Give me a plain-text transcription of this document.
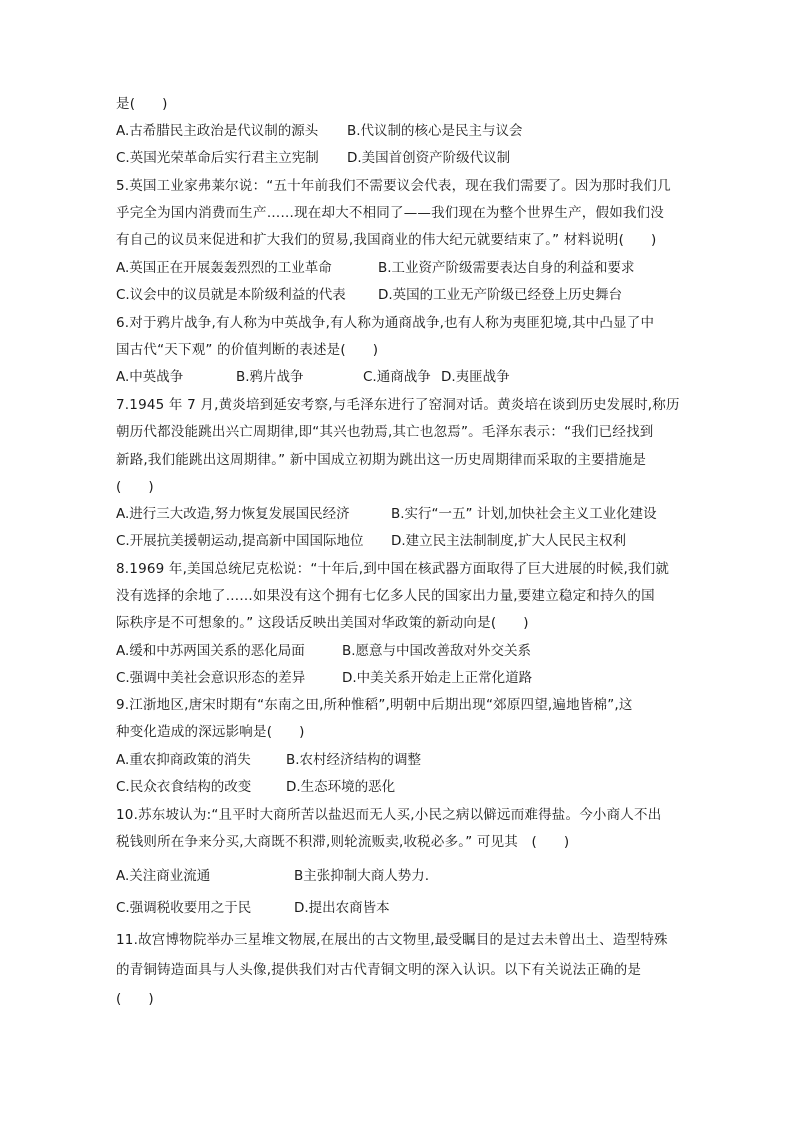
是(      )

A.古希腊民主政治是代议制的源头

B.代议制的核心是民主与议会

C.英国光荣革命后实行君主立宪制

D.美国首创资产阶级代议制

5.英国工业家弗莱尔说：“五十年前我们不需要议会代表，现在我们需要了。因为那时我们几
乎完全为国内消费而生产……现在却大不相同了——我们现在为整个世界生产，假如我们没
有自己的议员来促进和扩大我们的贸易,我国商业的伟大纪元就要结束了。” 材料说明(      )

A.英国正在开展轰轰烈烈的工业革命

	B.工业资产阶级需要表达自身的利益和要求

C.议会中的议员就是本阶级利益的代表

D.英国的工业无产阶级已经登上历史舞台

6.对于鸦片战争,有人称为中英战争,有人称为通商战争,也有人称为夷匪犯境,其中凸显了中
国古代“天下观” 的价值判断的表述是(      )

A.中英战争

	B.鸦片战争

	C.通商战争

D.夷匪战争

7.1945 年 7 月,黄炎培到延安考察,与毛泽东进行了窑洞对话。黄炎培在谈到历史发展时,称历
朝历代都没能跳出兴亡周期律,即“其兴也勃焉,其亡也忽焉”。毛泽东表示：“我们已经找到
新路,我们能跳出这周期律。” 新中国成立初期为跳出这一历史周期律而采取的主要措施是
(      )

A.进行三大改造,努力恢复发展国民经济

	B.实行“一五” 计划,加快社会主义工业化建设

C.开展抗美援朝运动,提高新中国国际地位

D.建立民主法制制度,扩大人民民主权利

8.1969 年,美国总统尼克松说：“十年后,到中国在核武器方面取得了巨大进展的时候,我们就
没有选择的余地了……如果没有这个拥有七亿多人民的国家出力量,要建立稳定和持久的国
际秩序是不可想象的。” 这段话反映出美国对华政策的新动向是(      )

A.缓和中苏两国关系的恶化局面

	B.愿意与中国改善敌对外交关系

C.强调中美社会意识形态的差异

	D.中美关系开始走上正常化道路

9.江浙地区,唐宋时期有“东南之田,所种惟稻”,明朝中后期出现“郊原四望,遍地皆棉”,这
种变化造成的深远影响是(      )

A.重农抑商政策的消失

	B.农村经济结构的调整

C.民众衣食结构的改变

	D.生态环境的恶化

10.苏东坡认为:“且平时大商所苦以盐迟而无人买,小民之病以僻远而难得盐。今小商人不出
税钱则所在争来分买,大商既不积滞,则轮流贩卖,收税必多。” 可见其   (      )

A.关注商业流通

	B主张抑制大商人势力.

C.强调税收要用之于民

	D.提出农商皆本

11.故宫博物院举办三星堆文物展,在展出的古文物里,最受瞩目的是过去未曾出土、造型特殊
的青铜铸造面具与人头像,提供我们对古代青铜文明的深入认识。以下有关说法正确的是
(      )
